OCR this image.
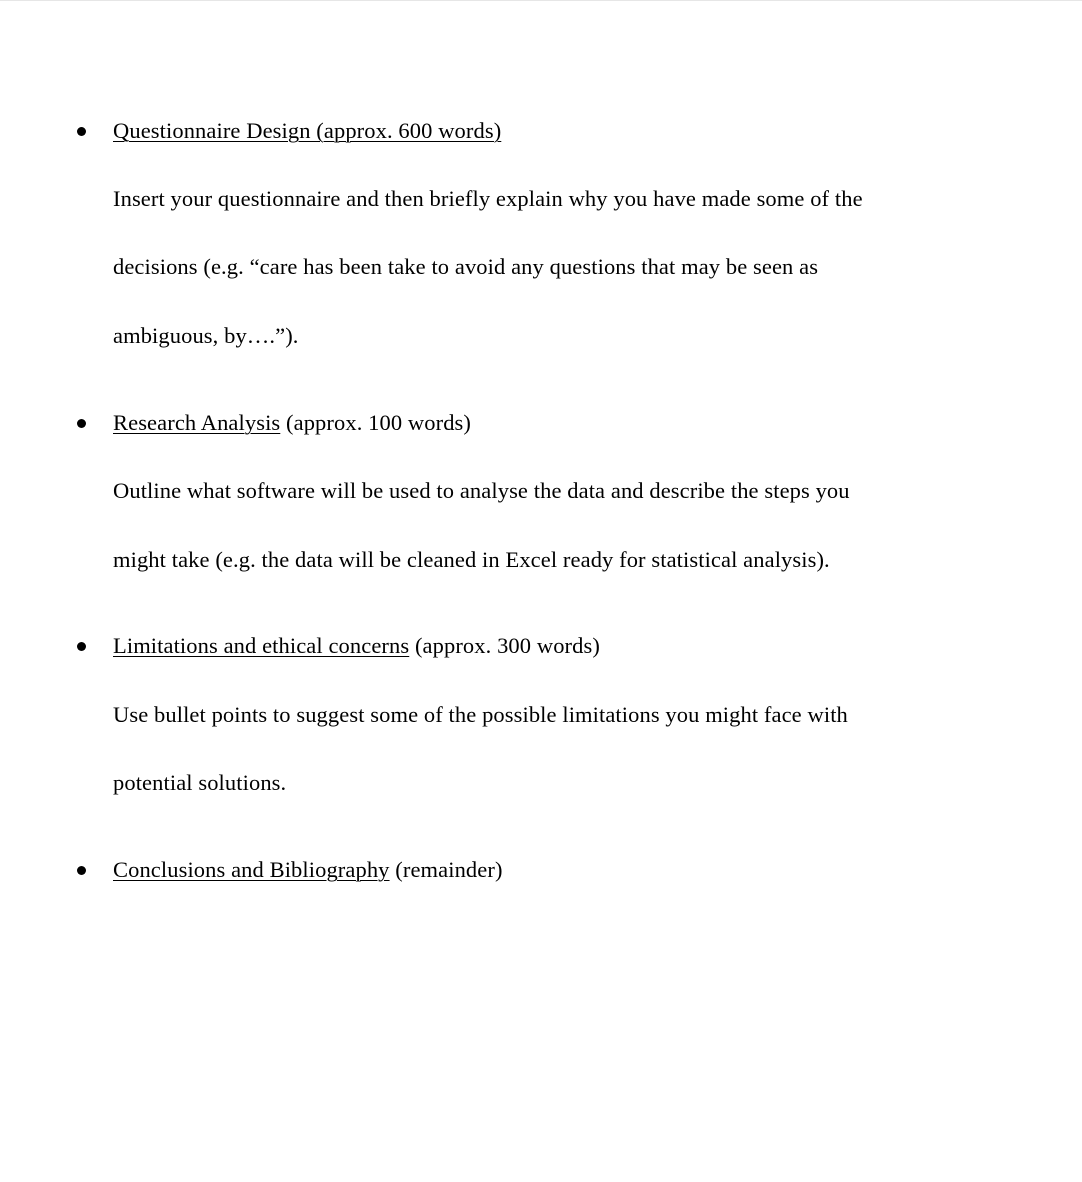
Questionnaire Design (approx. 600 words)
Insert your questionnaire and then briefly explain why you have made some of the
decisions (e.g. “care has been take to avoid any questions that may be seen as
ambiguous, by….”).
Research Analysis (approx. 100 words)
Outline what software will be used to analyse the data and describe the steps you
might take (e.g. the data will be cleaned in Excel ready for statistical analysis).
Limitations and ethical concerns (approx. 300 words)
Use bullet points to suggest some of the possible limitations you might face with
potential solutions.
Conclusions and Bibliography (remainder)
